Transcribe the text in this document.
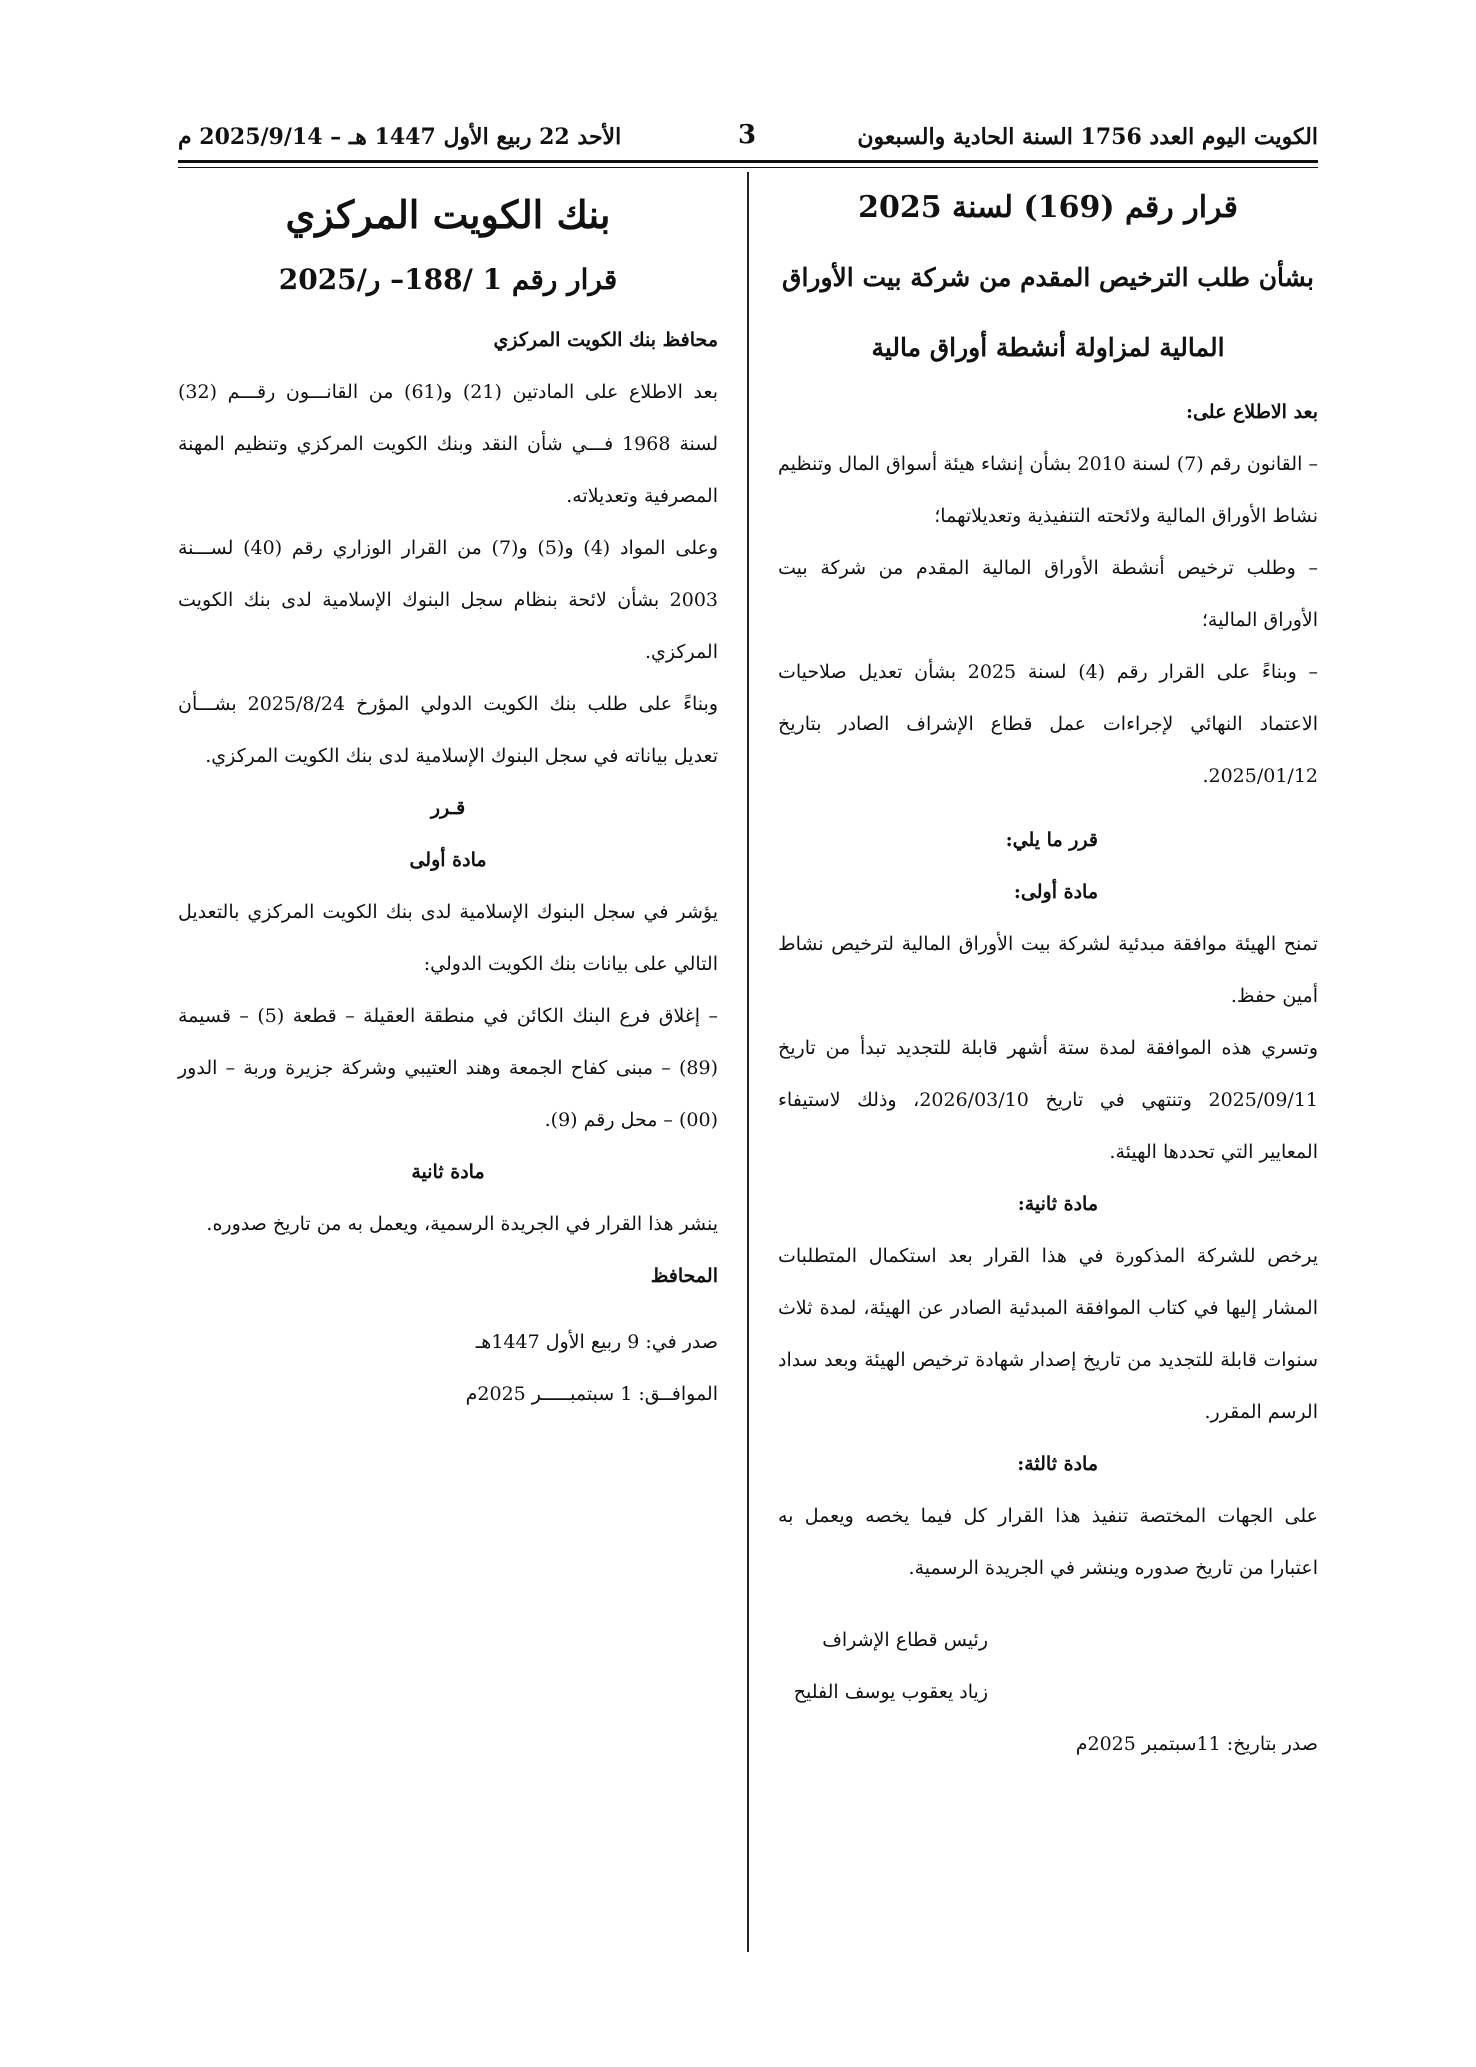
الكويت اليوم العدد 1756 السنة الحادية والسبعون
3
الأحد 22 ربيع الأول 1447 هـ – 2025/9/14 م
قرار رقم (169) لسنة 2025
بشأن طلب الترخيص المقدم من شركة بيت الأوراق
المالية لمزاولة أنشطة أوراق مالية

بعد الاطلاع على:

– القانون رقم (7) لسنة 2010 بشأن إنشاء هيئة أسواق المال وتنظيم نشاط الأوراق المالية ولائحته التنفيذية وتعديلاتهما؛

– وطلب ترخيص أنشطة الأوراق المالية المقدم من شركة بيت الأوراق المالية؛

– وبناءً على القرار رقم (4) لسنة 2025 بشأن تعديل صلاحيات الاعتماد النهائي لإجراءات عمل قطاع الإشراف الصادر بتاريخ 2025/01/12.

قرر ما يلي:

مادة أولى:

تمنح الهيئة موافقة مبدئية لشركة بيت الأوراق المالية لترخيص نشاط أمين حفظ.

وتسري هذه الموافقة لمدة ستة أشهر قابلة للتجديد تبدأ من تاريخ 2025/09/11 وتنتهي في تاريخ 2026/03/10، وذلك لاستيفاء المعايير التي تحددها الهيئة.

مادة ثانية:

يرخص للشركة المذكورة في هذا القرار بعد استكمال المتطلبات المشار إليها في كتاب الموافقة المبدئية الصادر عن الهيئة، لمدة ثلاث سنوات قابلة للتجديد من تاريخ إصدار شهادة ترخيص الهيئة وبعد سداد الرسم المقرر.

مادة ثالثة:

على الجهات المختصة تنفيذ هذا القرار كل فيما يخصه ويعمل به اعتبارا من تاريخ صدوره وينشر في الجريدة الرسمية.

رئيس قطاع الإشراف

زياد يعقوب يوسف الفليح

صدر بتاريخ: 11سبتمبر 2025م

بنك الكويت المركزي
قرار رقم 1 /188– ر/2025

محافظ بنك الكويت المركزي

بعد الاطلاع على المادتين (21) و(61) من القانـــون رقـــم (32) لسنة 1968 فـــي شأن النقد وبنك الكويت المركزي وتنظيم المهنة المصرفية وتعديلاته.

وعلى المواد (4) و(5) و(7) من القرار الوزاري رقم (40) لســـنة 2003 بشأن لائحة بنظام سجل البنوك الإسلامية لدى بنك الكويت المركزي.

وبناءً على طلب بنك الكويت الدولي المؤرخ 2025/8/24 بشـــأن تعديل بياناته في سجل البنوك الإسلامية لدى بنك الكويت المركزي.

قـرر

مادة أولى

يؤشر في سجل البنوك الإسلامية لدى بنك الكويت المركزي بالتعديل التالي على بيانات بنك الكويت الدولي:

– إغلاق فرع البنك الكائن في منطقة العقيلة – قطعة (5) – قسيمة (89) – مبنى كفاح الجمعة وهند العتيبي وشركة جزيرة وربة – الدور (00) – محل رقم (9).

مادة ثانية

ينشر هذا القرار في الجريدة الرسمية، ويعمل به من تاريخ صدوره.

المحافظ

صدر في: 9 ربيع الأول 1447هـ

الموافــق: 1 سبتمبـــــر 2025م
